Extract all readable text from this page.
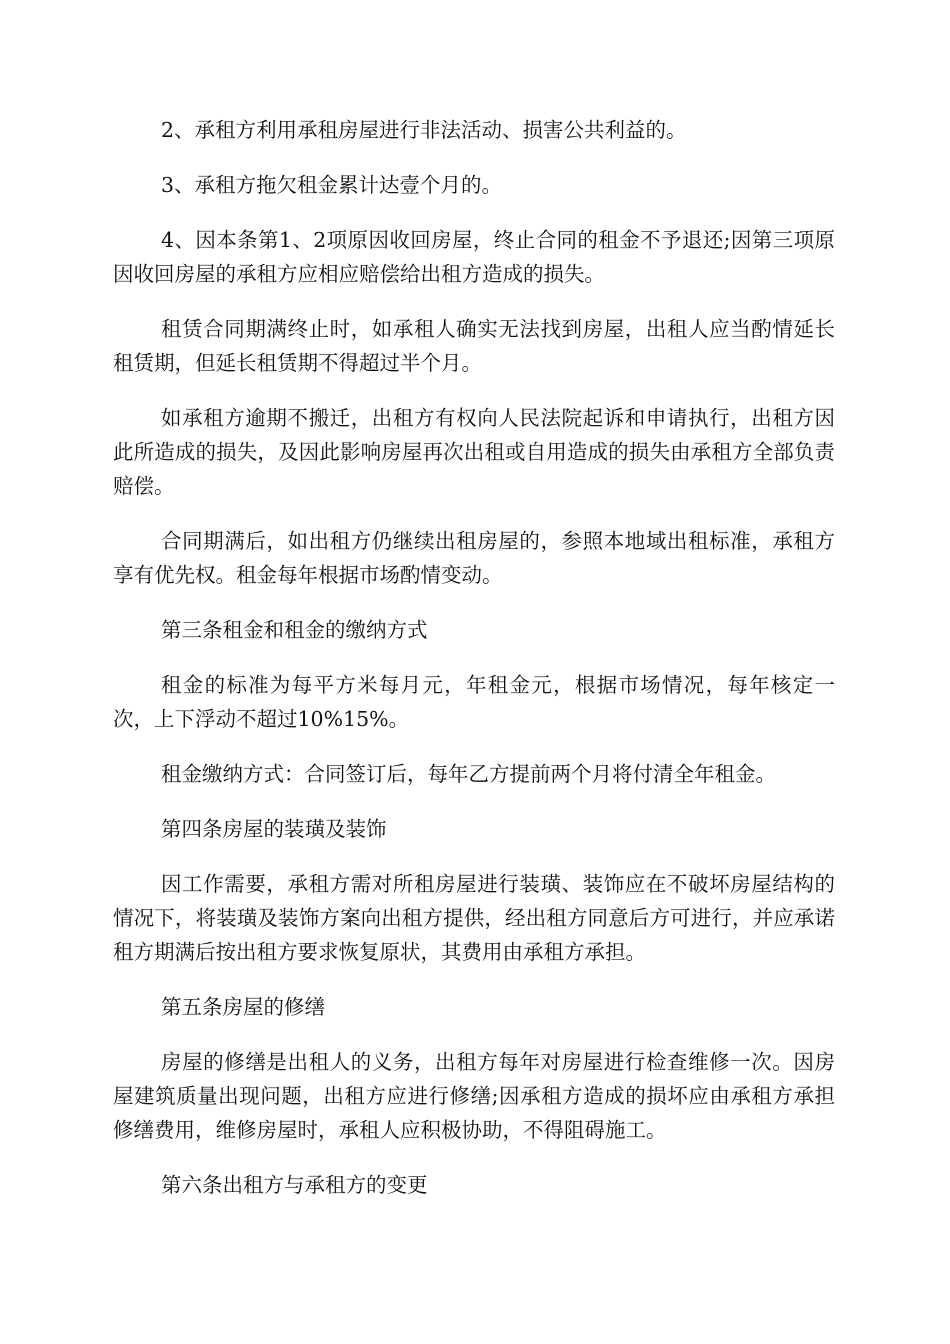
2、承租方利用承租房屋进行非法活动、损害公共利益的。

3、承租方拖欠租金累计达壹个月的。

4、因本条第1、2项原因收回房屋，终止合同的租金不予退还;因第三项原因收回房屋的承租方应相应赔偿给出租方造成的损失。

租赁合同期满终止时，如承租人确实无法找到房屋，出租人应当酌情延长租赁期，但延长租赁期不得超过半个月。

如承租方逾期不搬迁，出租方有权向人民法院起诉和申请执行，出租方因此所造成的损失，及因此影响房屋再次出租或自用造成的损失由承租方全部负责赔偿。

合同期满后，如出租方仍继续出租房屋的，参照本地域出租标准，承租方享有优先权。租金每年根据市场酌情变动。

第三条租金和租金的缴纳方式

租金的标准为每平方米每月元，年租金元，根据市场情况，每年核定一次，上下浮动不超过10%15%。

租金缴纳方式：合同签订后，每年乙方提前两个月将付清全年租金。

第四条房屋的装璜及装饰

因工作需要，承租方需对所租房屋进行装璜、装饰应在不破坏房屋结构的情况下，将装璜及装饰方案向出租方提供，经出租方同意后方可进行，并应承诺租方期满后按出租方要求恢复原状，其费用由承租方承担。

第五条房屋的修缮

房屋的修缮是出租人的义务，出租方每年对房屋进行检查维修一次。因房屋建筑质量出现问题，出租方应进行修缮;因承租方造成的损坏应由承租方承担修缮费用，维修房屋时，承租人应积极协助，不得阻碍施工。

第六条出租方与承租方的变更
